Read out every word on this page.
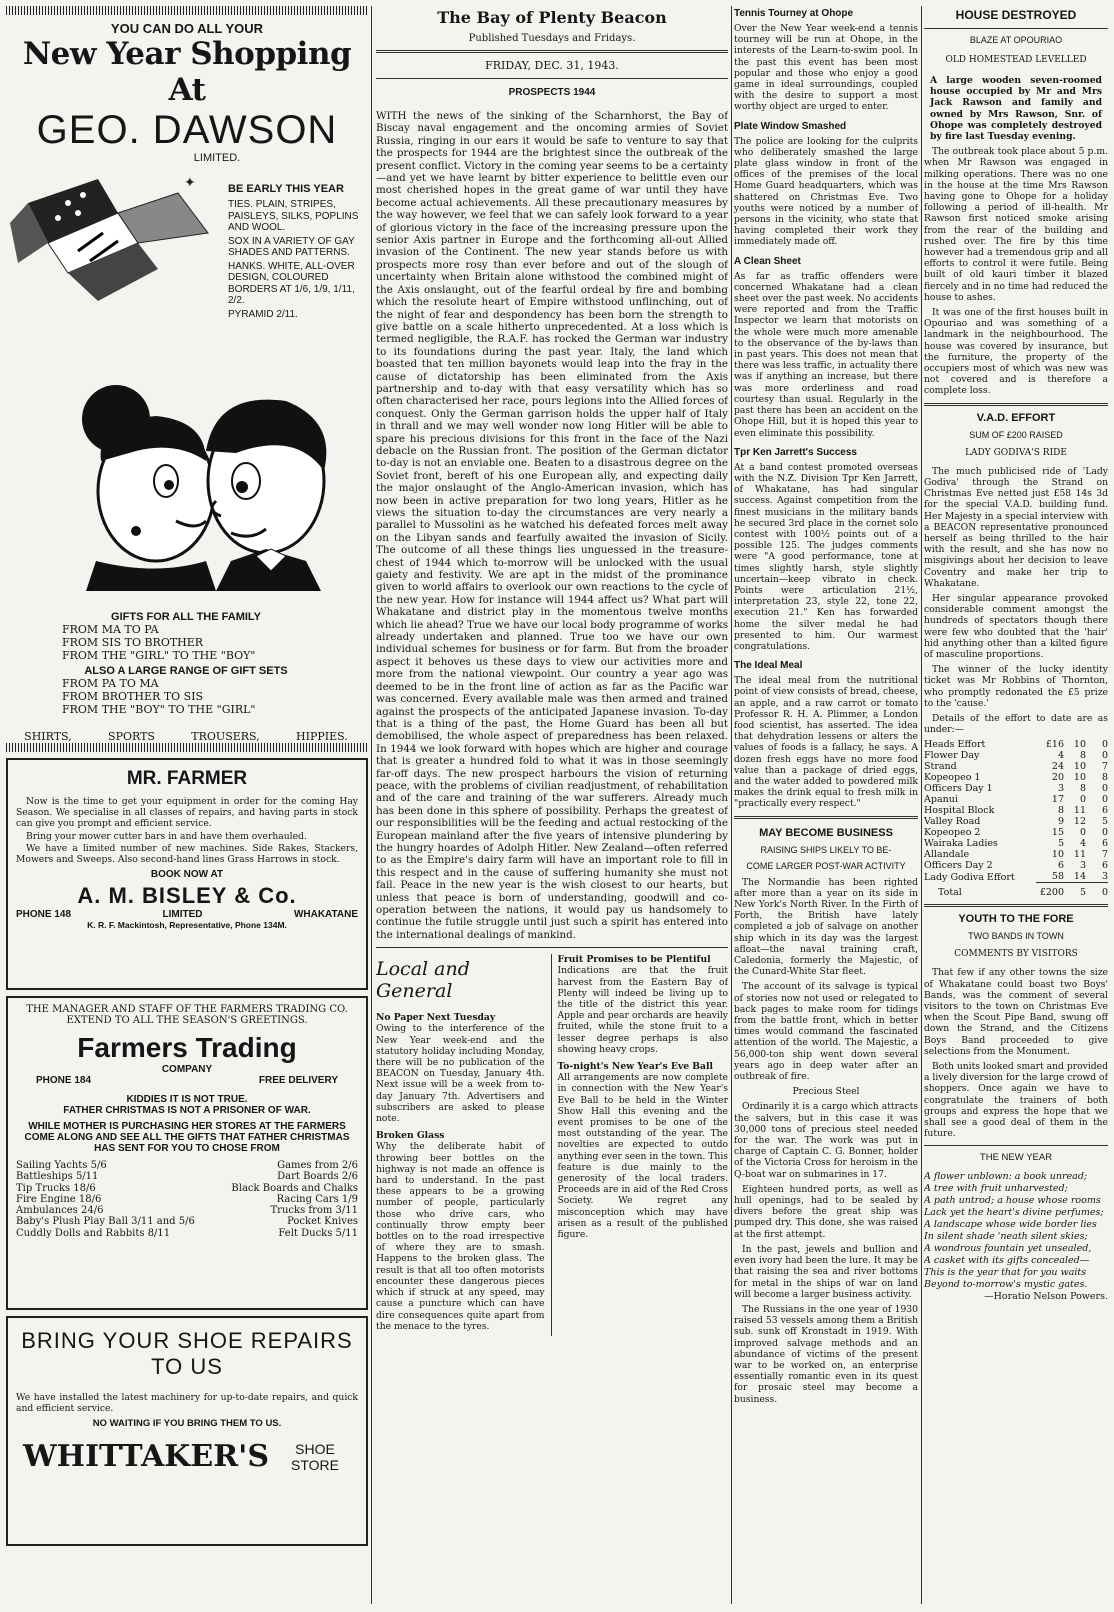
YOU CAN DO ALL YOUR
New Year Shopping At
GEO. DAWSON
LIMITED.
✦	BE EARLY THIS YEAR
TIES. PLAIN, STRIPES, PAISLEYS, SILKS, POPLINS AND WOOL.
SOX IN A VARIETY OF GAY SHADES AND PATTERNS.
HANKS. WHITE, ALL-OVER DESIGN, COLOURED BORDERS AT 1/6, 1/9, 1/11, 2/2.
PYRAMID 2/11.
GIFTS FOR ALL THE FAMILY
FROM MA TO PA
FROM SIS TO BROTHER
FROM THE "GIRL" TO THE "BOY"
ALSO A LARGE RANGE OF GIFT SETS
FROM PA TO MA
FROM BROTHER TO SIS
FROM THE "BOY" TO THE "GIRL"
SHIRTS,	SPORTS	TROUSERS,	HIPPIES.
MR. FARMER

Now is the time to get your equipment in order for the coming Hay Season. We specialise in all classes of repairs, and having parts in stock can give you prompt and efficient service.

Bring your mower cutter bars in and have them overhauled.

We have a limited number of new machines. Side Rakes, Stackers, Mowers and Sweeps. Also second-hand lines Grass Harrows in stock.

BOOK NOW AT
A. M. BISLEY & Co.
PHONE 148	LIMITED	WHAKATANE
K. R. F. Mackintosh, Representative, Phone 134M.
THE MANAGER AND STAFF OF THE FARMERS TRADING CO. EXTEND TO ALL THE SEASON'S GREETINGS.
Farmers Trading
COMPANY
PHONE 184	FREE DELIVERY
KIDDIES IT IS NOT TRUE.
FATHER CHRISTMAS IS NOT A PRISONER OF WAR.
WHILE MOTHER IS PURCHASING HER STORES AT THE FARMERS COME ALONG AND SEE ALL THE GIFTS THAT FATHER CHRISTMAS HAS SENT FOR YOU TO CHOSE FROM
Sailing Yachts 5/6
Battleships 5/11
Tip Trucks 18/6
Fire Engine 18/6
Ambulances 24/6
Baby's Plush Play Ball 3/11 and 5/6
Cuddly Dolls and Rabbits 8/11
Games from 2/6
Dart Boards 2/6
Black Boards and Chalks
Racing Cars 1/9
Trucks from 3/11
Pocket Knives
Felt Ducks 5/11
BRING YOUR SHOE REPAIRS TO US

We have installed the latest machinery for up-to-date repairs, and quick and efficient service.

NO WAITING IF YOU BRING THEM TO US.
WHITTAKER'S	SHOE STORE
The Bay of Plenty Beacon
Published Tuesdays and Fridays.
FRIDAY, DEC. 31, 1943.
PROSPECTS 1944

WITH the news of the sinking of the Scharnhorst, the Bay of Biscay naval engagement and the oncoming armies of Soviet Russia, ringing in our ears it would be safe to venture to say that the prospects for 1944 are the brightest since the outbreak of the present conflict. Victory in the coming year seems to be a certainty—and yet we have learnt by bitter experience to belittle even our most cherished hopes in the great game of war until they have become actual achievements. All these precautionary measures by the way however, we feel that we can safely look forward to a year of glorious victory in the face of the increasing pressure upon the senior Axis partner in Europe and the forthcoming all-out Allied invasion of the Continent. The new year stands before us with prospects more rosy than ever before and out of the slough of uncertainty when Britain alone withstood the combined might of the Axis onslaught, out of the fearful ordeal by fire and bombing which the resolute heart of Empire withstood unflinching, out of the night of fear and despondency has been born the strength to give battle on a scale hitherto unprecedented. At a loss which is termed negligible, the R.A.F. has rocked the German war industry to its foundations during the past year. Italy, the land which boasted that ten million bayonets would leap into the fray in the cause of dictatorship has been eliminated from the Axis partnership and to-day with that easy versatility which has so often characterised her race, pours legions into the Allied forces of conquest. Only the German garrison holds the upper half of Italy in thrall and we may well wonder now long Hitler will be able to spare his precious divisions for this front in the face of the Nazi debacle on the Russian front. The position of the German dictator to-day is not an enviable one. Beaten to a disastrous degree on the Soviet front, bereft of his one European ally, and expecting daily the major onslaught of the Anglo-American invasion, which has now been in active preparation for two long years, Hitler as he views the situation to-day the circumstances are very nearly a parallel to Mussolini as he watched his defeated forces melt away on the Libyan sands and fearfully awaited the invasion of Sicily. The outcome of all these things lies unguessed in the treasure-chest of 1944 which to-morrow will be unlocked with the usual gaiety and festivity. We are apt in the midst of the prominance given to world affairs to overlook our own reactions to the cycle of the new year. How for instance will 1944 affect us? What part will Whakatane and district play in the momentous twelve months which lie ahead? True we have our local body programme of works already undertaken and planned. True too we have our own individual schemes for business or for farm. But from the broader aspect it behoves us these days to view our activities more and more from the national viewpoint. Our country a year ago was deemed to be in the front line of action as far as the Pacific war was concerned. Every available male was then armed and trained against the prospects of the anticipated Japanese invasion. To-day that is a thing of the past, the Home Guard has been all but demobilised, the whole aspect of preparedness has been relaxed. In 1944 we look forward with hopes which are higher and courage that is greater a hundred fold to what it was in those seemingly far-off days. The new prospect harbours the vision of returning peace, with the problems of civilian readjustment, of rehabilitation and of the care and training of the war sufferers. Already much has been done in this sphere of possibility. Perhaps the greatest of our responsibilities will be the feeding and actual restocking of the European mainland after the five years of intensive plundering by the hungry hoardes of Adolph Hitler. New Zealand—often referred to as the Empire's dairy farm will have an important role to fill in this respect and in the cause of suffering humanity she must not fail. Peace in the new year is the wish closest to our hearts, but unless that peace is born of understanding, goodwill and co-operation between the nations, it would pay us handsomely to continue the futile struggle until just such a spirit has entered into the international dealings of mankind.

Local and General
No Paper Next Tuesday

Owing to the interference of the New Year week-end and the statutory holiday including Monday, there will be no publication of the BEACON on Tuesday, January 4th. Next issue will be a week from to-day January 7th. Advertisers and subscribers are asked to please note.

Broken Glass

Why the deliberate habit of throwing beer bottles on the highway is not made an offence is hard to understand. In the past these appears to be a growing number of people, particularly those who drive cars, who continually throw empty beer bottles on to the road irrespective of where they are to smash. Happens to the broken glass. The result is that all too often motorists encounter these dangerous pieces which if struck at any speed, may cause a puncture which can have dire consequences quite apart from the menace to the tyres.

Fruit Promises to be Plentiful

Indications are that the fruit harvest from the Eastern Bay of Plenty will indeed be living up to the title of the district this year. Apple and pear orchards are heavily fruited, while the stone fruit to a lesser degree perhaps is also showing heavy crops.

To-night's New Year's Eve Ball

All arrangements are now complete in connection with the New Year's Eve Ball to be held in the Winter Show Hall this evening and the event promises to be one of the most outstanding of the year. The novelties are expected to outdo anything ever seen in the town. This feature is due mainly to the generosity of the local traders. Proceeds are in aid of the Red Cross Society. We regret any misconception which may have arisen as a result of the published figure.

Tennis Tourney at Ohope

Over the New Year week-end a tennis tourney will be run at Ohope, in the interests of the Learn-to-swim pool. In the past this event has been most popular and those who enjoy a good game in ideal surroundings, coupled with the desire to support a most worthy object are urged to enter.

Plate Window Smashed

The police are looking for the culprits who deliberately smashed the large plate glass window in front of the offices of the premises of the local Home Guard headquarters, which was shattered on Christmas Eve. Two youths were noticed by a number of persons in the vicinity, who state that having completed their work they immediately made off.

A Clean Sheet

As far as traffic offenders were concerned Whakatane had a clean sheet over the past week. No accidents were reported and from the Traffic Inspector we learn that motorists on the whole were much more amenable to the observance of the by-laws than in past years. This does not mean that there was less traffic, in actuality there was if anything an increase, but there was more orderliness and road courtesy than usual. Regularly in the past there has been an accident on the Ohope Hill, but it is hoped this year to even eliminate this possibility.

Tpr Ken Jarrett's Success

At a band contest promoted overseas with the N.Z. Division Tpr Ken Jarrett, of Whakatane, has had singular success. Against competition from the finest musicians in the military bands he secured 3rd place in the cornet solo contest with 100½ points out of a possible 125. The judges comments were "A good performance, tone at times slightly harsh, style slightly uncertain—keep vibrato in check. Points were articulation 21½, interpretation 23, style 22, tone 22, execution 21." Ken has forwarded home the silver medal he had presented to him. Our warmest congratulations.

The Ideal Meal

The ideal meal from the nutritional point of view consists of bread, cheese, an apple, and a raw carrot or tomato Professor R. H. A. Plimmer, a London food scientist, has asserted. The idea that dehydration lessens or alters the values of foods is a fallacy, he says. A dozen fresh eggs have no more food value than a package of dried eggs, and the water added to powdered milk makes the drink equal to fresh milk in "practically every respect."

MAY BECOME BUSINESS
RAISING SHIPS LIKELY TO BE-
COME LARGER POST-WAR ACTIVITY

The Normandie has been righted after more than a year on its side in New York's North River. In the Firth of Forth, the British have lately completed a job of salvage on another ship which in its day was the largest afloat—the naval training craft, Caledonia, formerly the Majestic, of the Cunard-White Star fleet.

The account of its salvage is typical of stories now not used or relegated to back pages to make room for tidings from the battle front, which in better times would command the fascinated attention of the world. The Majestic, a 56,000-ton ship went down several years ago in deep water after an outbreak of fire.

Precious Steel

Ordinarily it is a cargo which attracts the salvers, but in this case it was 30,000 tons of precious steel needed for the war. The work was put in charge of Captain C. G. Bonner, holder of the Victoria Cross for heroism in the Q-boat war on submarines in 17.

Eighteen hundred ports, as well as hull openings, had to be sealed by divers before the great ship was pumped dry. This done, she was raised at the first attempt.

In the past, jewels and bullion and even ivory had been the lure. It may be that raising the sea and river bottoms for metal in the ships of war on land will become a larger business activity.

The Russians in the one year of 1930 raised 53 vessels among them a British sub. sunk off Kronstadt in 1919. With improved salvage methods and an abundance of victims of the present war to be worked on, an enterprise essentially romantic even in its quest for prosaic steel may become a business.

HOUSE DESTROYED
BLAZE AT OPOURIAO
OLD HOMESTEAD LEVELLED

A large wooden seven-roomed house occupied by Mr and Mrs Jack Rawson and family and owned by Mrs Rawson, Snr. of Ohope was completely destroyed by fire last Tuesday evening.

The outbreak took place about 5 p.m. when Mr Rawson was engaged in milking operations. There was no one in the house at the time Mrs Rawson having gone to Ohope for a holiday following a period of ill-health. Mr Rawson first noticed smoke arising from the rear of the building and rushed over. The fire by this time however had a tremendous grip and all efforts to control it were futile. Being built of old kauri timber it blazed fiercely and in no time had reduced the house to ashes.

It was one of the first houses built in Opouriao and was something of a landmark in the neighbourhood. The house was covered by insurance, but the furniture, the property of the occupiers most of which was new was not covered and is therefore a complete loss.

V.A.D. EFFORT
SUM OF £200 RAISED
LADY GODIVA'S RIDE

The much publicised ride of 'Lady Godiva' through the Strand on Christmas Eve netted just £58 14s 3d for the special V.A.D. building fund. Her Majesty in a special interview with a BEACON representative pronounced herself as being thrilled to the hair with the result, and she has now no misgivings about her decision to leave Coventry and make her trip to Whakatane.

Her singular appearance provoked considerable comment amongst the hundreds of spectators though there were few who doubted that the 'hair' hid anything other than a kilted figure of masculine proportions.

The winner of the lucky identity ticket was Mr Robbins of Thornton, who promptly redonated the £5 prize to the 'cause.'

Details of the effort to date are as under:—

Heads Effort	£16	10	0
Flower Day	4	8	0
Strand	24	10	7
Kopeopeo 1	20	10	8
Officers Day 1	3	8	0
Apanui	17	0	0
Hospital Block	8	11	6
Valley Road	9	12	5
Kopeopeo 2	15	0	0
Wairaka Ladies	5	4	6
Allandale	10	11	7
Officers Day 2	6	3	6
Lady Godiva Effort	58	14	3
Total	£200	5	0
YOUTH TO THE FORE
TWO BANDS IN TOWN
COMMENTS BY VISITORS

That few if any other towns the size of Whakatane could boast two Boys' Bands, was the comment of several visitors to the town on Christmas Eve when the Scout Pipe Band, swung off down the Strand, and the Citizens Boys Band proceeded to give selections from the Monument.

Both units looked smart and provided a lively diversion for the large crowd of shoppers. Once again we have to congratulate the trainers of both groups and express the hope that we shall see a good deal of them in the future.

THE NEW YEAR
A flower unblown: a book unread;
A tree with fruit unharvested;
A path untrod; a house whose rooms
Lack yet the heart's divine perfumes;
A landscape whose wide border lies
In silent shade 'neath silent skies;
A wondrous fountain yet unsealed,
A casket with its gifts concealed—
This is the year that for you waits
Beyond to-morrow's mystic gates.
—Horatio Nelson Powers.
